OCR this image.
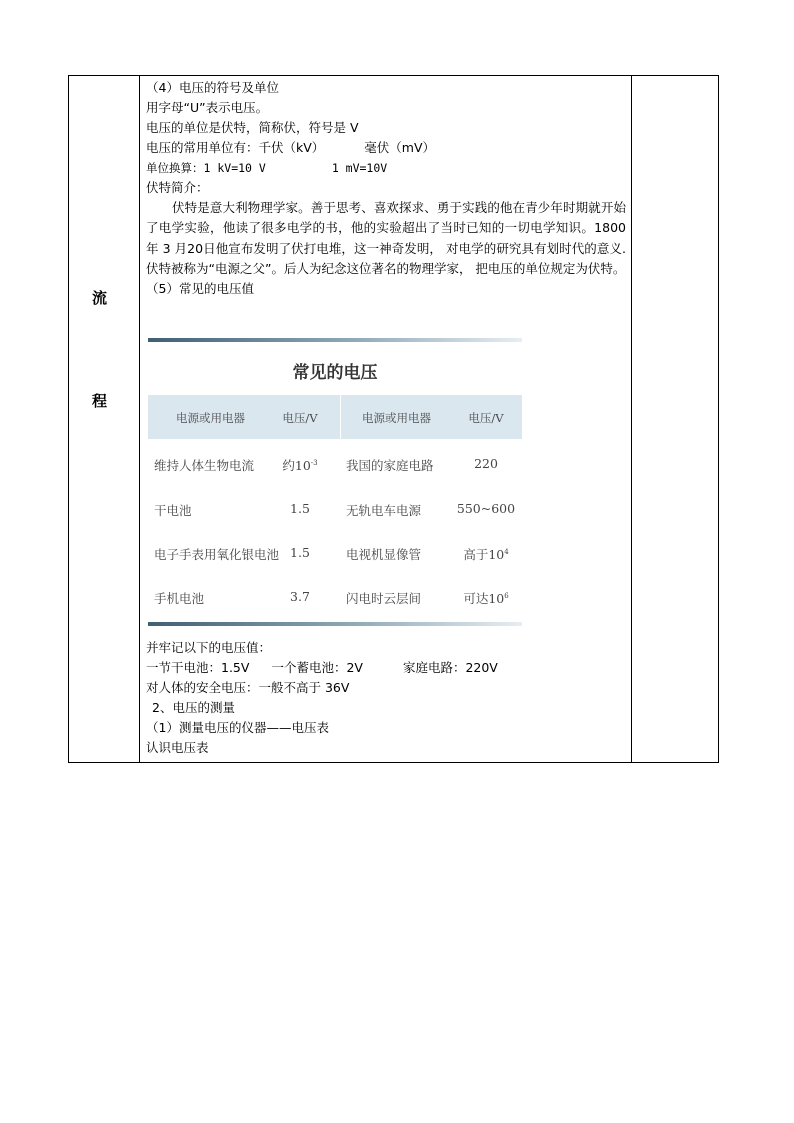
流
程
（4）电压的符号及单位
用字母“U”表示电压。
电压的单位是伏特，简称伏，符号是 V
电压的常用单位有：千伏（kV）	毫伏（mV）
单位换算：1 kV=10 V	1 mV=10V
伏特简介：
伏特是意大利物理学家。善于思考、喜欢探求、勇于实践的他在青少年时期就开始了电学实验，他读了很多电学的书，他的实验超出了当时已知的一切电学知识。1800年 3 月20日他宣布发明了伏打电堆，这一神奇发明， 对电学的研究具有划时代的意义.伏特被称为“电源之父”。后人为纪念这位著名的物理学家， 把电压的单位规定为伏特。
（5）常见的电压值
常见的电压
电源或用电器	电压/V	电源或用电器	电压/V
维持人体生物电流	约$10^{-3}$	我国的家庭电路	220
干电池	1.5	无轨电车电源	550~600
电子手表用氧化银电池 1.5	电视机显像管	高于$10^4$
手机电池	3.7	闪电时云层间	可达$10^6$
并牢记以下的电压值：
一节干电池：1.5V 一个蓄电池：2V	家庭电路：220V
对人体的安全电压：一般不高于 36V
2、电压的测量
（1）测量电压的仪器——电压表
认识电压表
